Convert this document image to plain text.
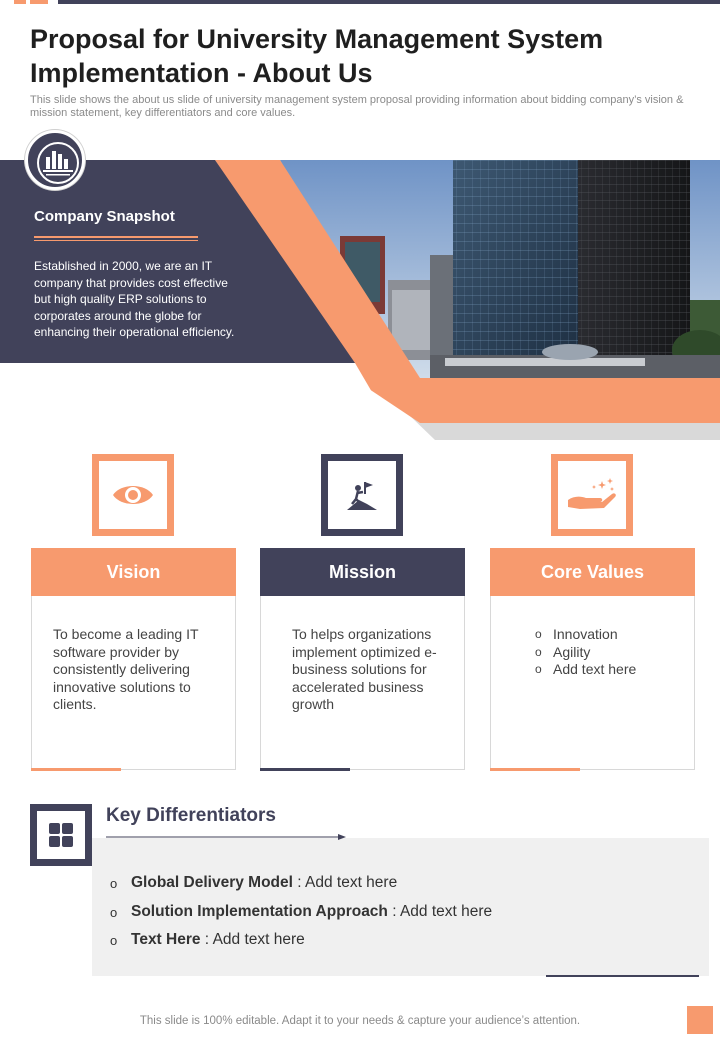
Proposal for University Management System Implementation - About Us

This slide shows the about us slide of university management system proposal providing information about bidding company’s vision & mission statement, key differentiators and core values.

Company Snapshot

Established in 2000, we are an IT company that provides cost effective but high quality ERP solutions to corporates around the globe for enhancing their operational efficiency.

Vision

To become a leading IT software provider by consistently delivering innovative solutions to clients.

Mission

To helps organizations implement optimized e-business solutions for accelerated business growth

Core Values
o Innovation
o Agility
o Add text here
Key Differentiators
o Global Delivery Model : Add text here
o Solution Implementation Approach : Add text here
o Text Here : Add text here

This slide is 100% editable. Adapt it to your needs & capture your audience’s attention.
